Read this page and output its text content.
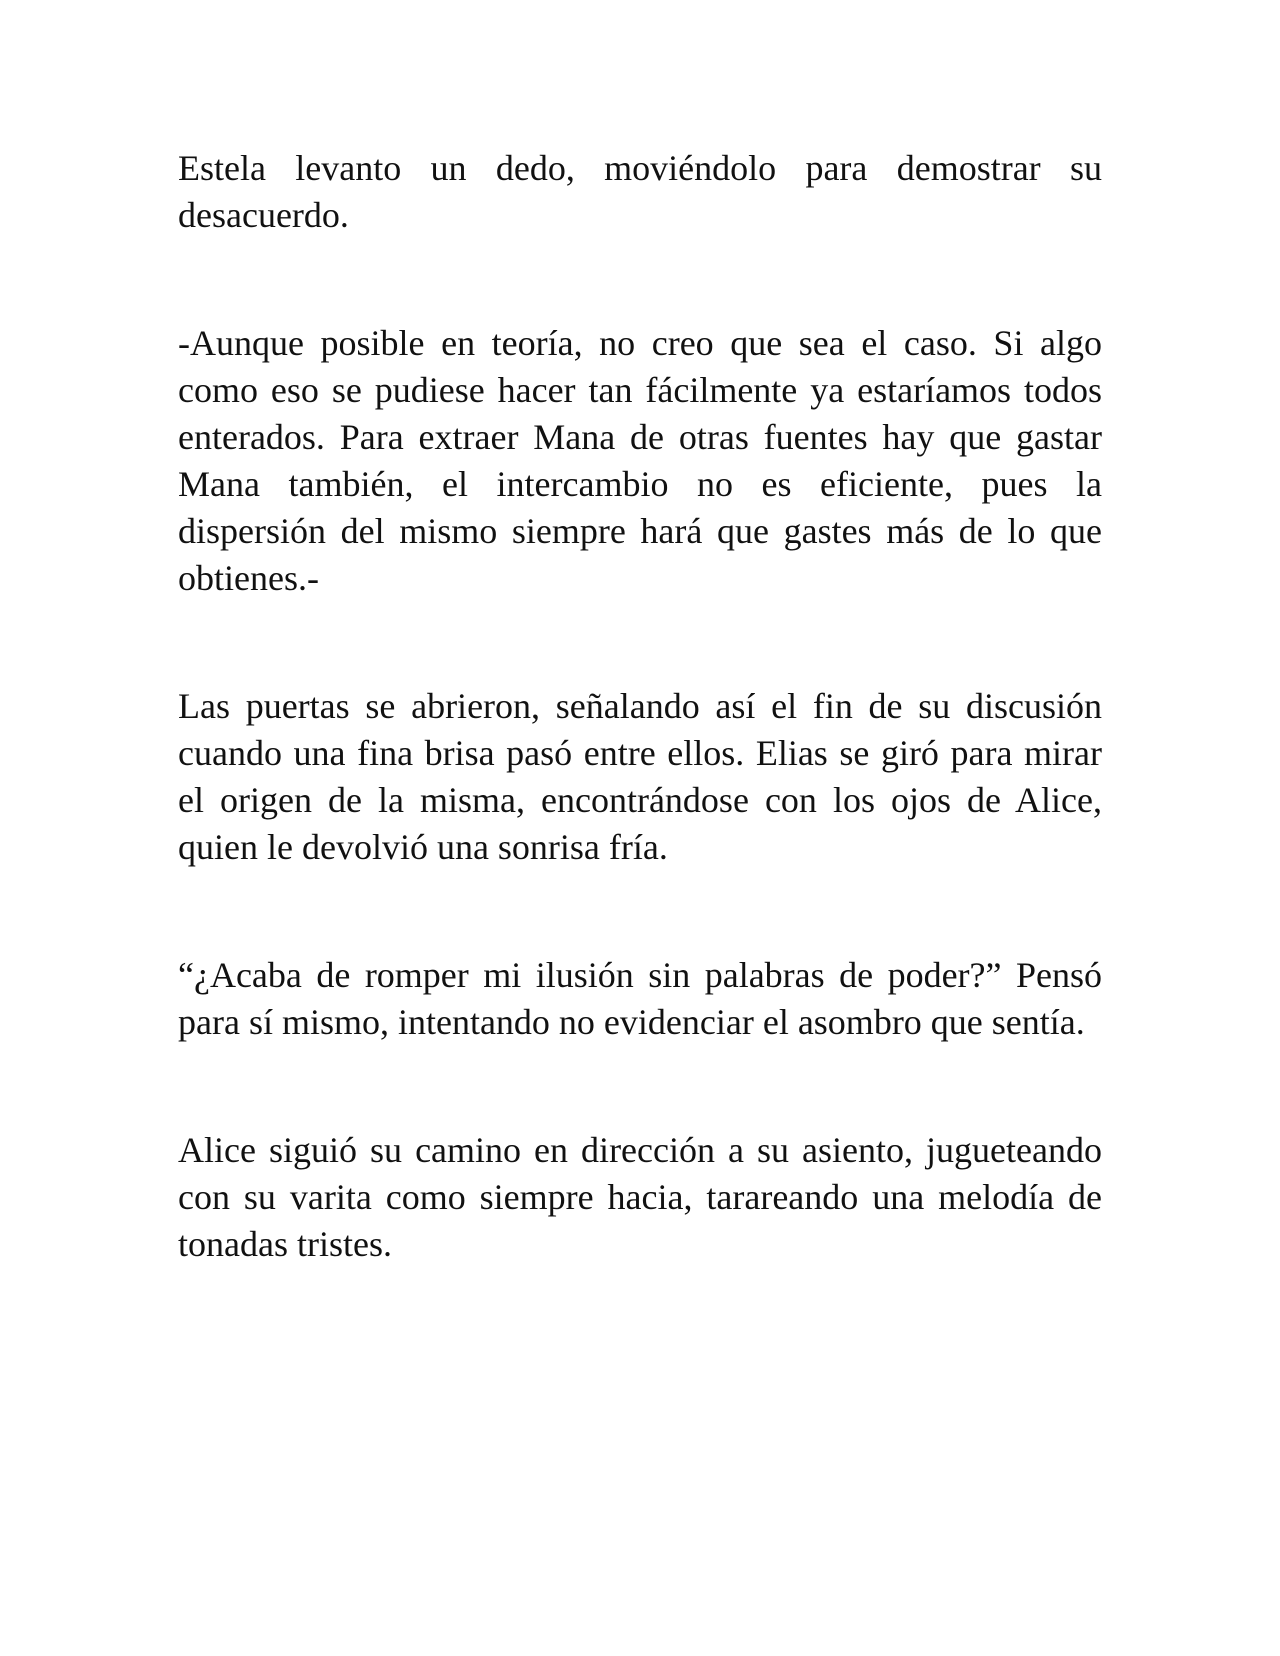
Estela levanto un dedo, moviéndolo para demostrar su desacuerdo.

-Aunque posible en teoría, no creo que sea el caso. Si algo como eso se pudiese hacer tan fácilmente ya estaríamos todos enterados. Para extraer Mana de otras fuentes hay que gastar Mana también, el intercambio no es eficiente, pues la dispersión del mismo siempre hará que gastes más de lo que obtienes.-

Las puertas se abrieron, señalando así el fin de su discusión cuando una fina brisa pasó entre ellos. Elias se giró para mirar el origen de la misma, encontrándose con los ojos de Alice, quien le devolvió una sonrisa fría.

“¿Acaba de romper mi ilusión sin palabras de poder?” Pensó para sí mismo, intentando no evidenciar el asombro que sentía.

Alice siguió su camino en dirección a su asiento, jugueteando con su varita como siempre hacia, tarareando una melodía de tonadas tristes.
